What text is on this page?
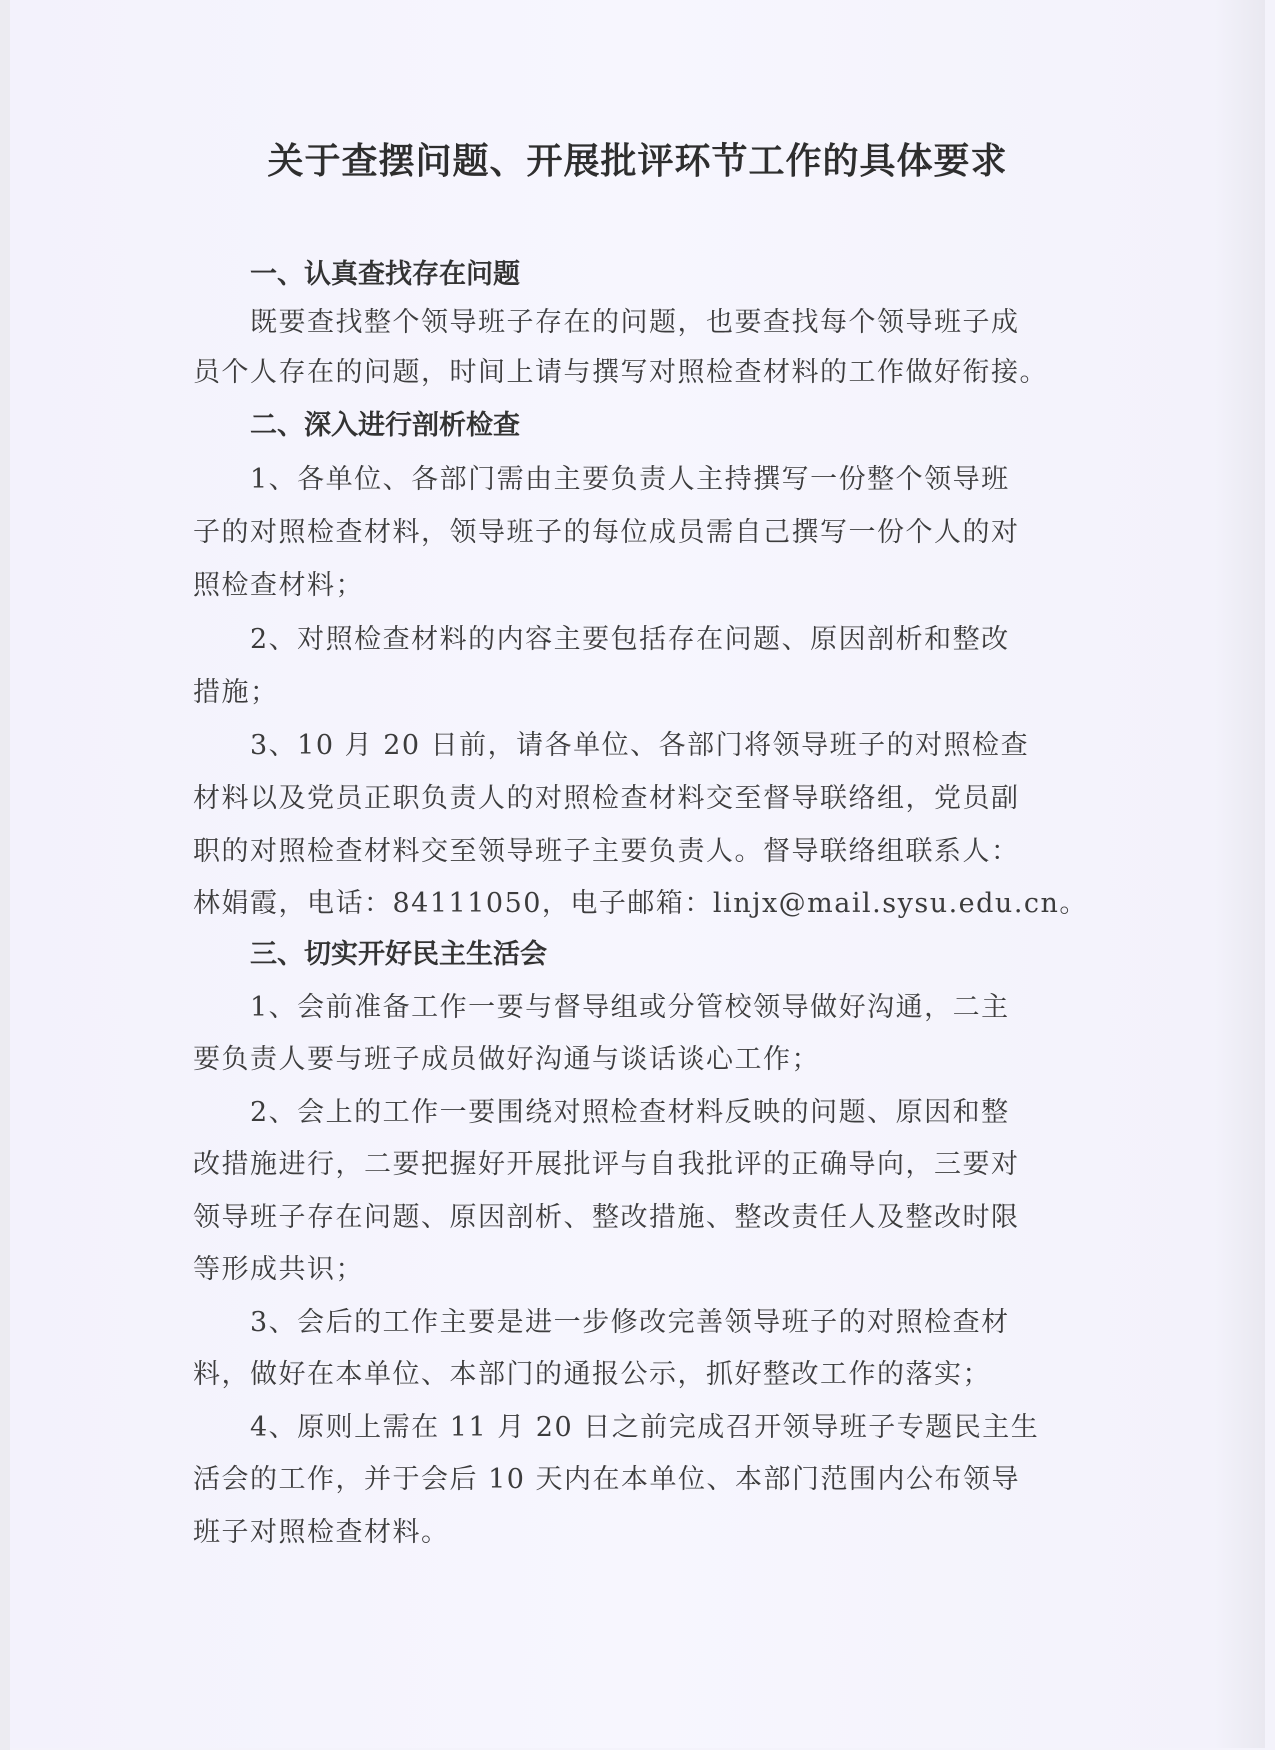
关于查摆问题、开展批评环节工作的具体要求
一、认真查找存在问题
既要查找整个领导班子存在的问题，也要查找每个领导班子成
员个人存在的问题，时间上请与撰写对照检查材料的工作做好衔接。
二、深入进行剖析检查
1、各单位、各部门需由主要负责人主持撰写一份整个领导班
子的对照检查材料，领导班子的每位成员需自己撰写一份个人的对
照检查材料；
2、对照检查材料的内容主要包括存在问题、原因剖析和整改
措施；
3、10 月 20 日前，请各单位、各部门将领导班子的对照检查
材料以及党员正职负责人的对照检查材料交至督导联络组，党员副
职的对照检查材料交至领导班子主要负责人。督导联络组联系人：
林娟霞，电话：84111050，电子邮箱：linjx@mail.sysu.edu.cn。
三、切实开好民主生活会
1、会前准备工作一要与督导组或分管校领导做好沟通，二主
要负责人要与班子成员做好沟通与谈话谈心工作；
2、会上的工作一要围绕对照检查材料反映的问题、原因和整
改措施进行，二要把握好开展批评与自我批评的正确导向，三要对
领导班子存在问题、原因剖析、整改措施、整改责任人及整改时限
等形成共识；
3、会后的工作主要是进一步修改完善领导班子的对照检查材
料，做好在本单位、本部门的通报公示，抓好整改工作的落实；
4、原则上需在 11 月 20 日之前完成召开领导班子专题民主生
活会的工作，并于会后 10 天内在本单位、本部门范围内公布领导
班子对照检查材料。
